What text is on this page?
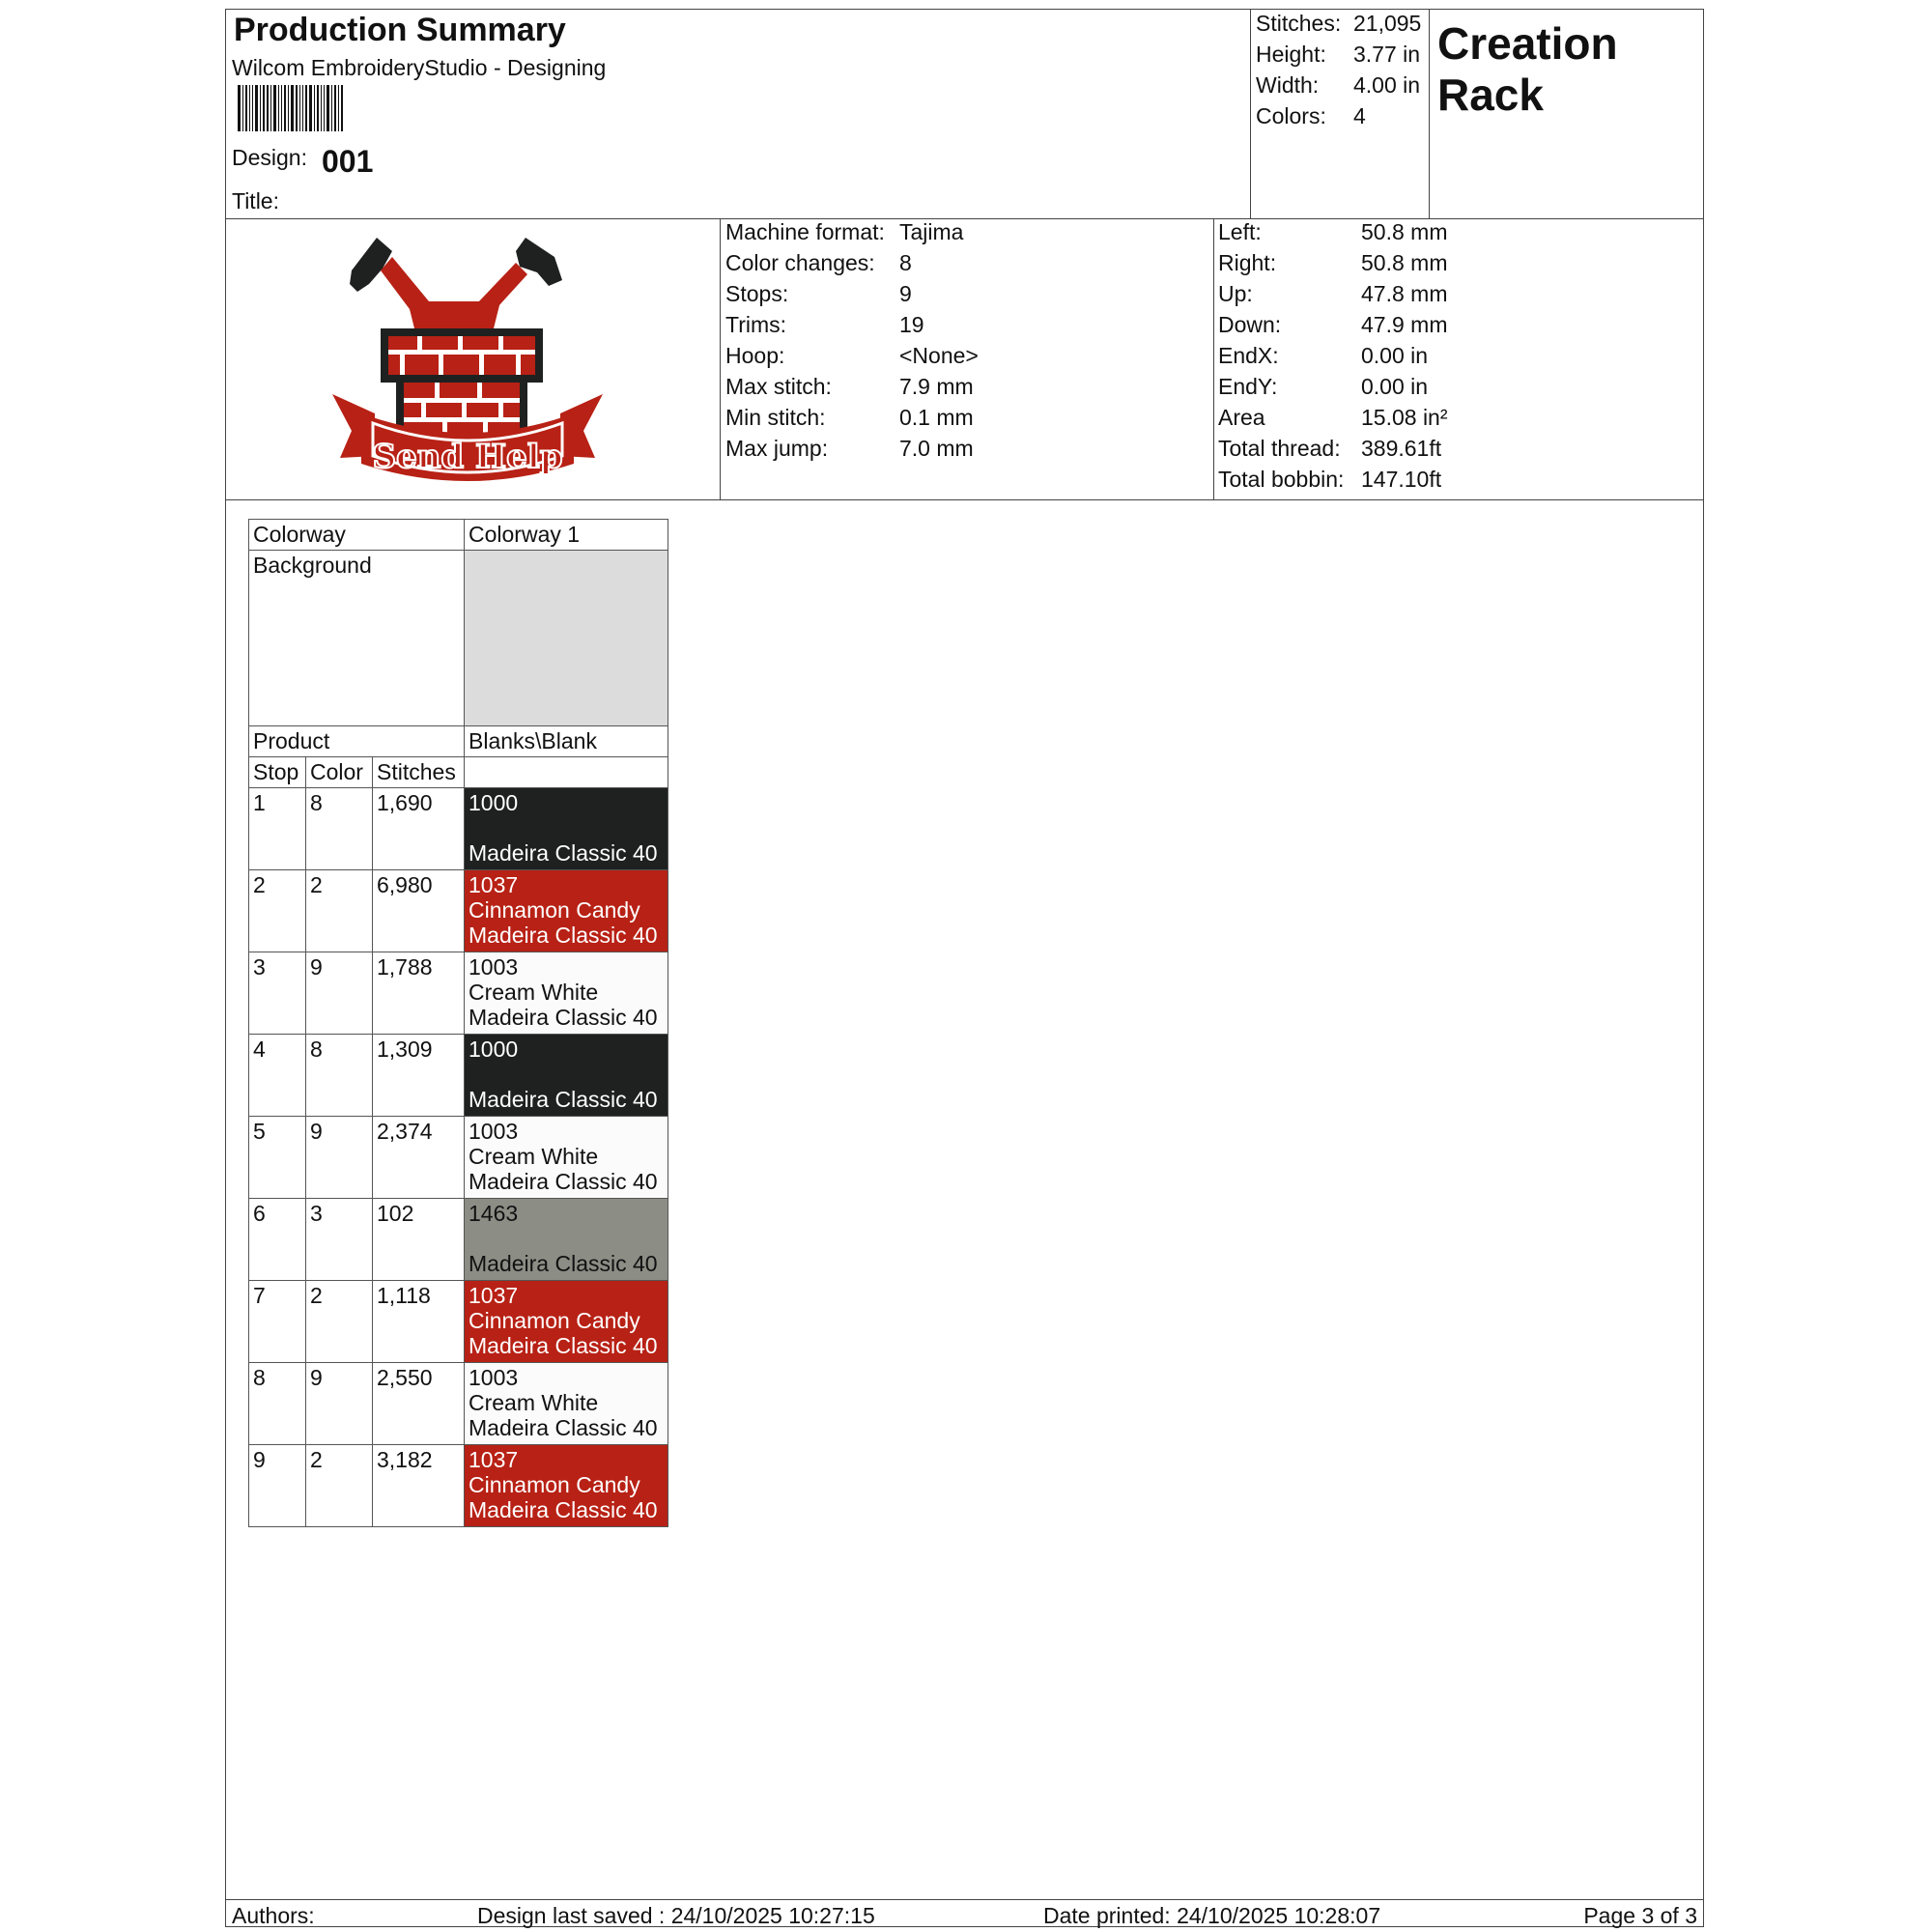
Production Summary
Wilcom EmbroideryStudio - Designing
Design: 001
Title:
Stitches: 21,095
Height: 3.77 in
Width: 4.00 in
Colors: 4
Creation
Rack
Send Help
Machine format: Tajima
Color changes: 8
Stops:	9
Trims:	19
Hoop:	<None>
Max stitch:	7.9 mm
Min stitch:	0.1 mm
Max jump:	7.0 mm
Left:	50.8 mm
Right:	50.8 mm
Up:	47.8 mm
Down:	47.9 mm
EndX:	0.00 in
EndY:	0.00 in
Area	15.08 in²
Total thread: 389.61ft
Total bobbin: 147.10ft
Colorway			Colorway 1
Background			
Product			Blanks\Blank
Stop	Color	Stitches	
1	8	1,690	1000
Madeira Classic 40

2	2	6,980	1037
Cinnamon Candy
Madeira Classic 40

3	9	1,788	1003
Cream White
Madeira Classic 40

4	8	1,309	1000
Madeira Classic 40

5	9	2,374	1003
Cream White
Madeira Classic 40

6	3	102	1463
Madeira Classic 40

7	2	1,118	1037
Cinnamon Candy
Madeira Classic 40

8	9	2,550	1003
Cream White
Madeira Classic 40

9	2	3,182	1037
Cinnamon Candy
Madeira Classic 40
Authors:	Design last saved : 24/10/2025 10:27:15	Date printed: 24/10/2025 10:28:07	Page 3 of 3
